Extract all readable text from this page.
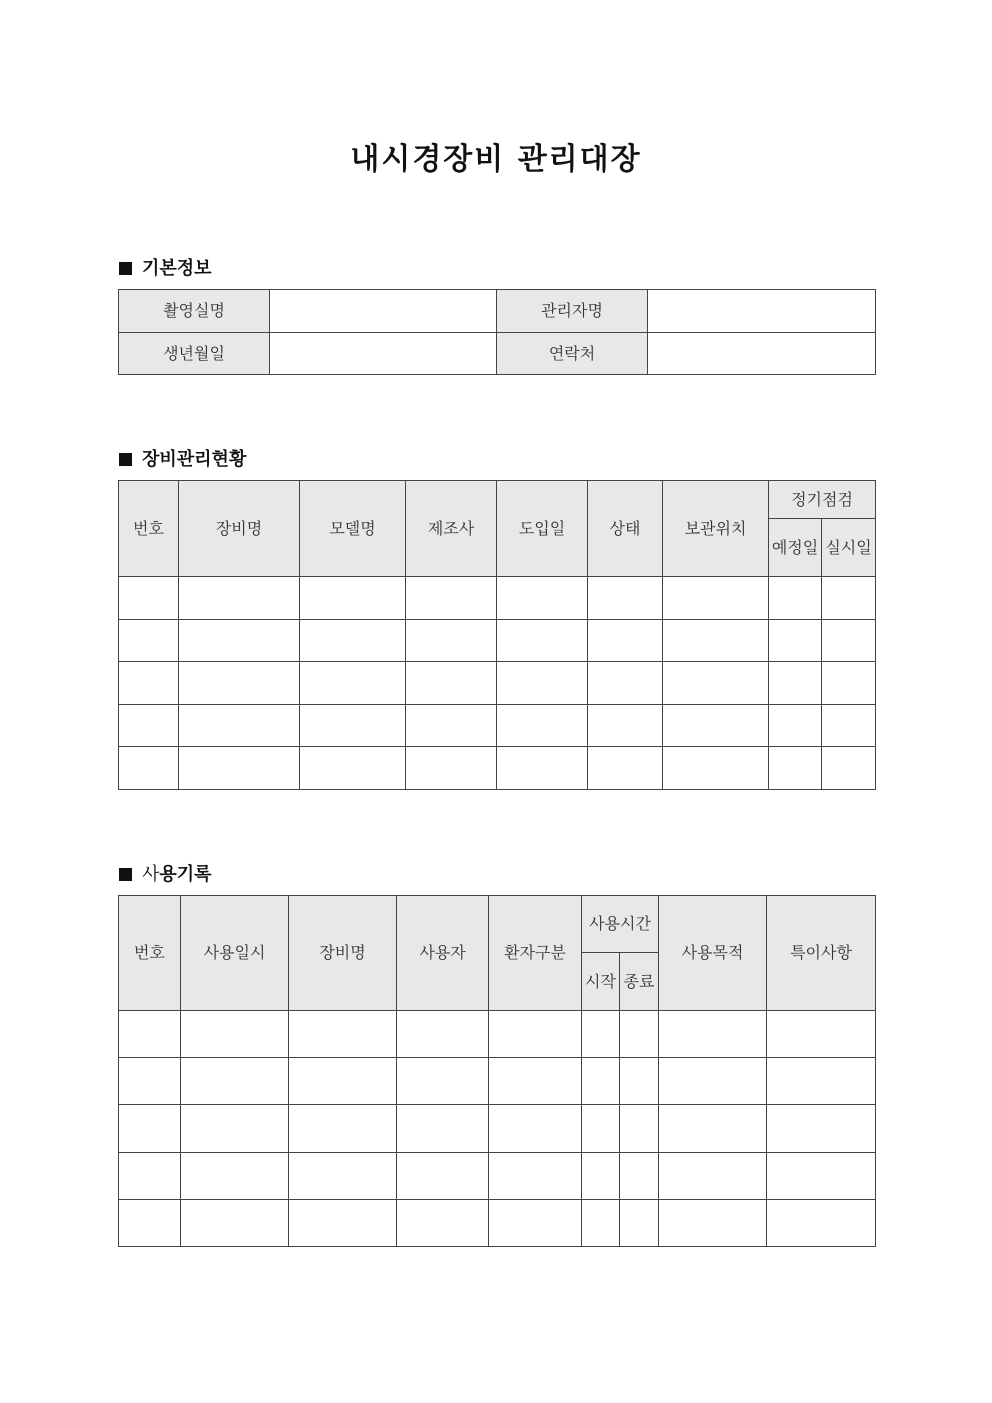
내시경장비 관리대장
기본정보
촬영실명		관리자명	
생년월일		연락처	
장비관리현황
번호	장비명	모델명	제조사	도입일	상태	보관위치	정기점검	
							예정일	실시일

사용기록
번호	사용일시	장비명	사용자	환자구분	사용시간		사용목적	특이사항
					시작	종료		
